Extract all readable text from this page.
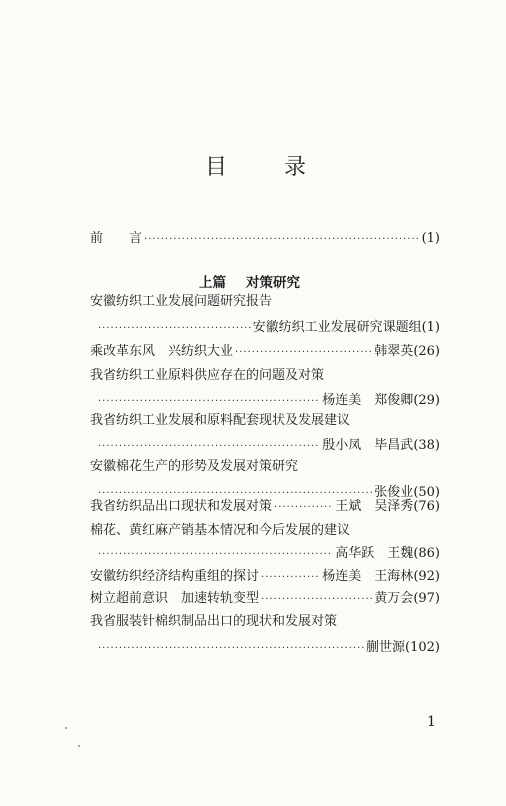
目 录
前 言 ·····	(1)
上篇 对策研究
安徽纺织工业发展问题研究报告
·····
安徽纺织工业发展研究课题组 (1)
乘改革东风　兴纺织大业 ·····	韩翠英 (26)
我省纺织工业原料供应存在的问题及对策
·····
杨连美　郑俊卿 (29)
我省纺织工业发展和原料配套现状及发展建议
·····
殷小凤　毕昌武 (38)
安徽棉花生产的形势及发展对策研究
·····
张俊业 (50)
我省纺织品出口现状和发展对策 ·····	王斌　吴泽秀 (76)
棉花、黄红麻产销基本情况和今后发展的建议
·····
高华跃　王魏 (86)
安徽纺织经济结构重组的探讨 ·····	杨连美　王海林 (92)
树立超前意识　加速转轨变型 ·····	黄万会 (97)
我省服装针棉织制品出口的现状和发展对策
·····
蒯世源 (102)
1
